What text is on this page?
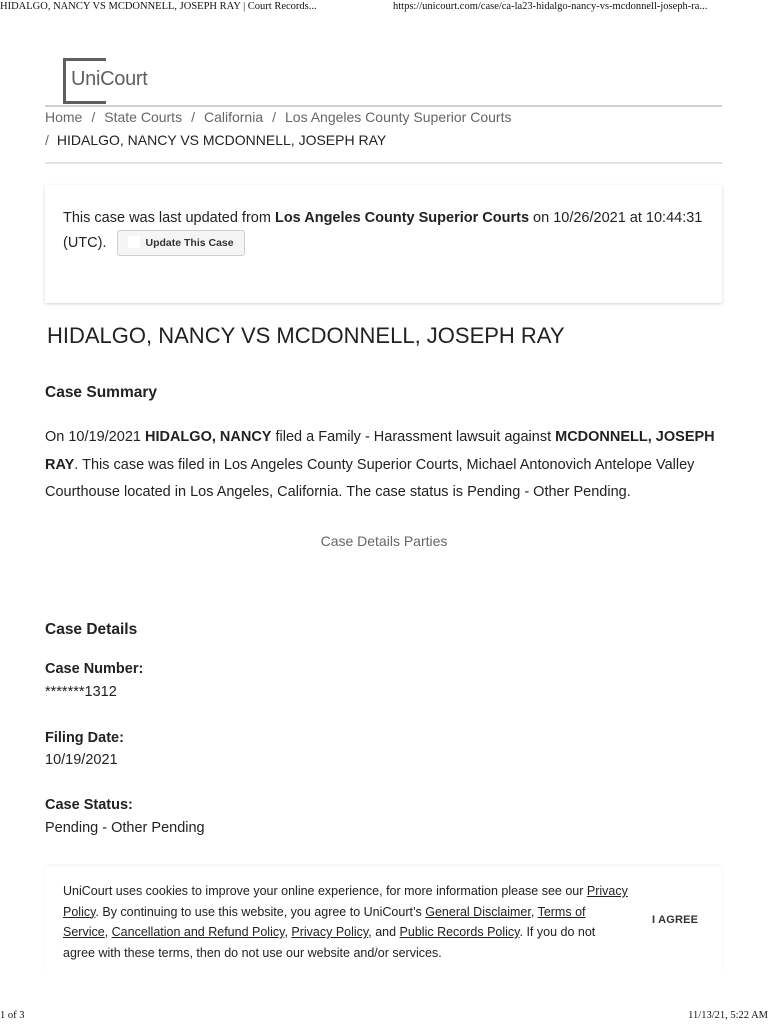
HIDALGO, NANCY VS MCDONNELL, JOSEPH RAY | Court Records...	https://unicourt.com/case/ca-la23-hidalgo-nancy-vs-mcdonnell-joseph-ra...
UniCourt
Home / State Courts / California / Los Angeles County Superior Courts
/ HIDALGO, NANCY VS MCDONNELL, JOSEPH RAY
This case was last updated from Los Angeles County Superior Courts on 10/26/2021 at 10:44:31 (UTC).	Update This Case
HIDALGO, NANCY VS MCDONNELL, JOSEPH RAY
Case Summary
On 10/19/2021 HIDALGO, NANCY filed a Family - Harassment lawsuit against MCDONNELL, JOSEPH RAY. This case was filed in Los Angeles County Superior Courts, Michael Antonovich Antelope Valley Courthouse located in Los Angeles, California. The case status is Pending - Other Pending.
Case Details Parties
Case Details
Case Number:
*******1312
Filing Date:
10/19/2021
Case Status:
Pending - Other Pending
UniCourt uses cookies to improve your online experience, for more information please see our Privacy Policy. By continuing to use this website, you agree to UniCourt’s General Disclaimer, Terms of Service, Cancellation and Refund Policy, Privacy Policy, and Public Records Policy. If you do not agree with these terms, then do not use our website and/or services.
I AGREE
1 of 3	11/13/21, 5:22 AM
